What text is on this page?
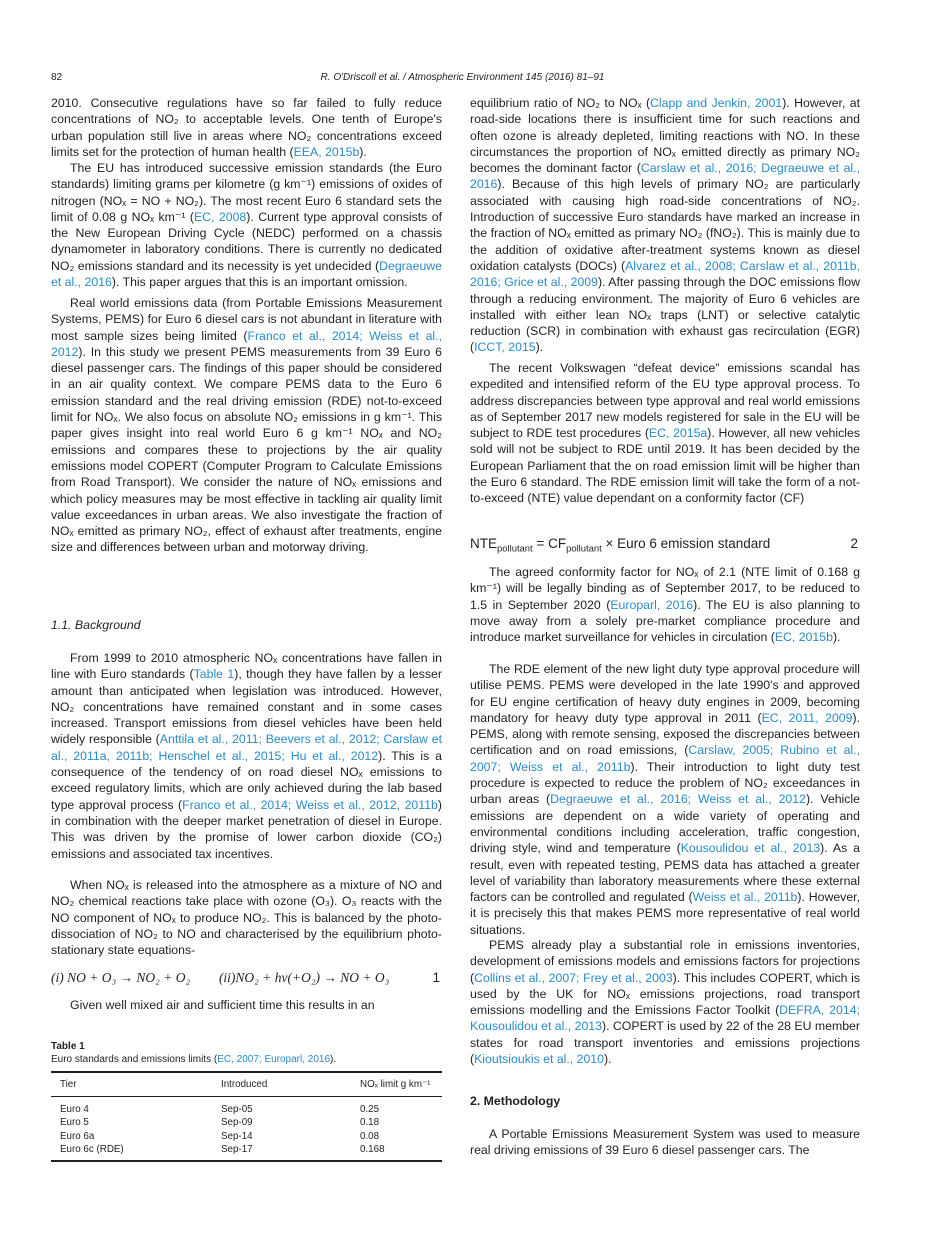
82	R. O'Driscoll et al. / Atmospheric Environment 145 (2016) 81–91

2010. Consecutive regulations have so far failed to fully reduce concentrations of NO₂ to acceptable levels. One tenth of Europe's urban population still live in areas where NO₂ concentrations exceed limits set for the protection of human health (EEA, 2015b).

The EU has introduced successive emission standards (the Euro standards) limiting grams per kilometre (g km⁻¹) emissions of oxides of nitrogen (NOₓ = NO + NO₂). The most recent Euro 6 standard sets the limit of 0.08 g NOₓ km⁻¹ (EC, 2008). Current type approval consists of the New European Driving Cycle (NEDC) performed on a chassis dynamometer in laboratory conditions. There is currently no dedicated NO₂ emissions standard and its necessity is yet undecided (Degraeuwe et al., 2016). This paper argues that this is an important omission.

Real world emissions data (from Portable Emissions Measurement Systems, PEMS) for Euro 6 diesel cars is not abundant in literature with most sample sizes being limited (Franco et al., 2014; Weiss et al., 2012). In this study we present PEMS measurements from 39 Euro 6 diesel passenger cars. The findings of this paper should be considered in an air quality context. We compare PEMS data to the Euro 6 emission standard and the real driving emission (RDE) not-to-exceed limit for NOₓ. We also focus on absolute NO₂ emissions in g km⁻¹. This paper gives insight into real world Euro 6 g km⁻¹ NOₓ and NO₂ emissions and compares these to projections by the air quality emissions model COPERT (Computer Program to Calculate Emissions from Road Transport). We consider the nature of NOₓ emissions and which policy measures may be most effective in tackling air quality limit value exceedances in urban areas. We also investigate the fraction of NOₓ emitted as primary NO₂, effect of exhaust after treatments, engine size and differences between urban and motorway driving.

1.1. Background

From 1999 to 2010 atmospheric NOₓ concentrations have fallen in line with Euro standards (Table 1), though they have fallen by a lesser amount than anticipated when legislation was introduced. However, NO₂ concentrations have remained constant and in some cases increased. Transport emissions from diesel vehicles have been held widely responsible (Anttila et al., 2011; Beevers et al., 2012; Carslaw et al., 2011a, 2011b; Henschel et al., 2015; Hu et al., 2012). This is a consequence of the tendency of on road diesel NOₓ emissions to exceed regulatory limits, which are only achieved during the lab based type approval process (Franco et al., 2014; Weiss et al., 2012, 2011b) in combination with the deeper market penetration of diesel in Europe. This was driven by the promise of lower carbon dioxide (CO₂) emissions and associated tax incentives.

When NOₓ is released into the atmosphere as a mixture of NO and NO₂ chemical reactions take place with ozone (O₃). O₃ reacts with the NO component of NOₓ to produce NO₂. This is balanced by the photo-dissociation of NO₂ to NO and characterised by the equilibrium photo-stationary state equations-

(i) NO + O₃ → NO₂ + O₂ (ii)NO₂ + hν(+O₂) → NO + O₃	1

Given well mixed air and sufficient time this results in an

Table 1
Euro standards and emissions limits (EC, 2007; Europarl, 2016).
Tier	Introduced	NOₓ limit g km⁻¹
Euro 4	Sep-05	0.25
Euro 5	Sep-09	0.18
Euro 6a	Sep-14	0.08
Euro 6c (RDE)	Sep-17	0.168

equilibrium ratio of NO₂ to NOₓ (Clapp and Jenkin, 2001). However, at road-side locations there is insufficient time for such reactions and often ozone is already depleted, limiting reactions with NO. In these circumstances the proportion of NOₓ emitted directly as primary NO₂ becomes the dominant factor (Carslaw et al., 2016; Degraeuwe et al., 2016). Because of this high levels of primary NO₂ are particularly associated with causing high road-side concentrations of NO₂. Introduction of successive Euro standards have marked an increase in the fraction of NOₓ emitted as primary NO₂ (fNO₂). This is mainly due to the addition of oxidative after-treatment systems known as diesel oxidation catalysts (DOCs) (Alvarez et al., 2008; Carslaw et al., 2011b, 2016; Grice et al., 2009). After passing through the DOC emissions flow through a reducing environment. The majority of Euro 6 vehicles are installed with either lean NOₓ traps (LNT) or selective catalytic reduction (SCR) in combination with exhaust gas recirculation (EGR) (ICCT, 2015).

The recent Volkswagen “defeat device” emissions scandal has expedited and intensified reform of the EU type approval process. To address discrepancies between type approval and real world emissions as of September 2017 new models registered for sale in the EU will be subject to RDE test procedures (EC, 2015a). However, all new vehicles sold will not be subject to RDE until 2019. It has been decided by the European Parliament that the on road emission limit will be higher than the Euro 6 standard. The RDE emission limit will take the form of a not-to-exceed (NTE) value dependant on a conformity factor (CF)

$NTE_{pollutant} = CF_{pollutant}$ × Euro 6 emission standard	2

The agreed conformity factor for NOₓ of 2.1 (NTE limit of 0.168 g km⁻¹) will be legally binding as of September 2017, to be reduced to 1.5 in September 2020 (Europarl, 2016). The EU is also planning to move away from a solely pre-market compliance procedure and introduce market surveillance for vehicles in circulation (EC, 2015b).

The RDE element of the new light duty type approval procedure will utilise PEMS. PEMS were developed in the late 1990's and approved for EU engine certification of heavy duty engines in 2009, becoming mandatory for heavy duty type approval in 2011 (EC, 2011, 2009). PEMS, along with remote sensing, exposed the discrepancies between certification and on road emissions, (Carslaw, 2005; Rubino et al., 2007; Weiss et al., 2011b). Their introduction to light duty test procedure is expected to reduce the problem of NO₂ exceedances in urban areas (Degraeuwe et al., 2016; Weiss et al., 2012). Vehicle emissions are dependent on a wide variety of operating and environmental conditions including acceleration, traffic congestion, driving style, wind and temperature (Kousoulidou et al., 2013). As a result, even with repeated testing, PEMS data has attached a greater level of variability than laboratory measurements where these external factors can be controlled and regulated (Weiss et al., 2011b). However, it is precisely this that makes PEMS more representative of real world situations.

PEMS already play a substantial role in emissions inventories, development of emissions models and emissions factors for projections (Collins et al., 2007; Frey et al., 2003). This includes COPERT, which is used by the UK for NOₓ emissions projections, road transport emissions modelling and the Emissions Factor Toolkit (DEFRA, 2014; Kousoulidou et al., 2013). COPERT is used by 22 of the 28 EU member states for road transport inventories and emissions projections (Kioutsioukis et al., 2010).

2. Methodology

A Portable Emissions Measurement System was used to measure real driving emissions of 39 Euro 6 diesel passenger cars. The
